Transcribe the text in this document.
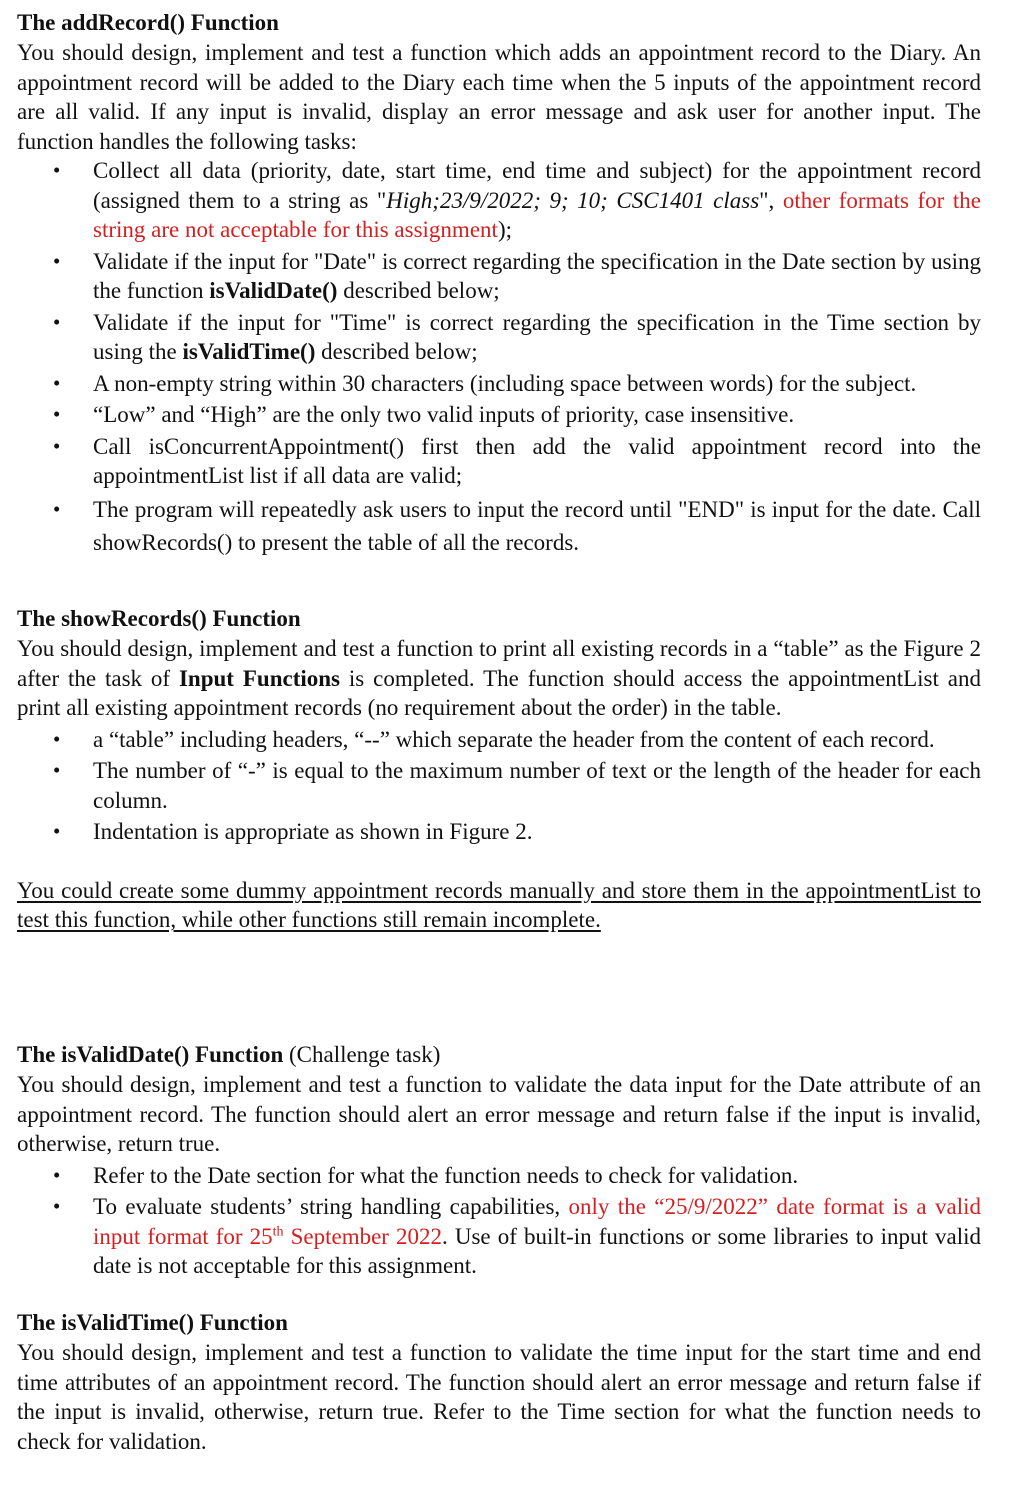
The addRecord() Function

You should design, implement and test a function which adds an appointment record to the Diary. An appointment record will be added to the Diary each time when the 5 inputs of the appointment record are all valid. If any input is invalid, display an error message and ask user for another input. The function handles the following tasks:

• Collect all data (priority, date, start time, end time and subject) for the appointment record (assigned them to a string as "High;23/9/2022; 9; 10; CSC1401 class", other formats for the string are not acceptable for this assignment);
• Validate if the input for "Date" is correct regarding the specification in the Date section by using the function isValidDate() described below;
• Validate if the input for "Time" is correct regarding the specification in the Time section by using the isValidTime() described below;
• A non-empty string within 30 characters (including space between words) for the subject.
• “Low” and “High” are the only two valid inputs of priority, case insensitive.
• Call isConcurrentAppointment() first then add the valid appointment record into the appointmentList list if all data are valid;
• The program will repeatedly ask users to input the record until "END" is input for the date. Call showRecords() to present the table of all the records.
The showRecords() Function

You should design, implement and test a function to print all existing records in a “table” as the Figure 2 after the task of Input Functions is completed. The function should access the appointmentList and print all existing appointment records (no requirement about the order) in the table.

• a “table” including headers, “--” which separate the header from the content of each record.
• The number of “-” is equal to the maximum number of text or the length of the header for each column.
• Indentation is appropriate as shown in Figure 2.

You could create some dummy appointment records manually and store them in the appointmentList to test this function, while other functions still remain incomplete.

The isValidDate() Function (Challenge task)

You should design, implement and test a function to validate the data input for the Date attribute of an appointment record. The function should alert an error message and return false if the input is invalid, otherwise, return true.

• Refer to the Date section for what the function needs to check for validation.
• To evaluate students’ string handling capabilities, only the “25/9/2022” date format is a valid input format for 25th September 2022. Use of built-in functions or some libraries to input valid date is not acceptable for this assignment.
The isValidTime() Function

You should design, implement and test a function to validate the time input for the start time and end time attributes of an appointment record. The function should alert an error message and return false if the input is invalid, otherwise, return true. Refer to the Time section for what the function needs to check for validation.
